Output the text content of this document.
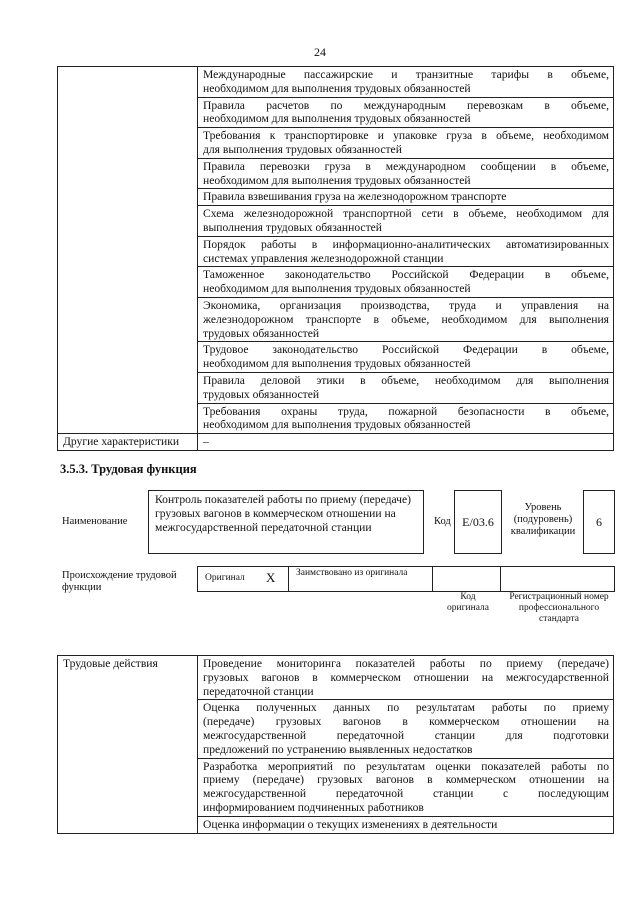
24

	Международные пассажирские и транзитные тарифы в объеме,
необходимом для выполнения трудовых обязанностей

	Правила расчетов по международным перевозкам в объеме,
необходимом для выполнения трудовых обязанностей

	Требования к транспортировке и упаковке груза в объеме, необходимом
для выполнения трудовых обязанностей

	Правила перевозки груза в международном сообщении в объеме,
необходимом для выполнения трудовых обязанностей

	Правила взвешивания груза на железнодорожном транспорте

	Схема железнодорожной транспортной сети в объеме, необходимом для
выполнения трудовых обязанностей

	Порядок работы в информационно-аналитических автоматизированных
системах управления железнодорожной станции

	Таможенное законодательство Российской Федерации в объеме,
необходимом для выполнения трудовых обязанностей

	Экономика, организация производства, труда и управления на
железнодорожном транспорте в объеме, необходимом для выполнения
трудовых обязанностей

	Трудовое законодательство Российской Федерации в объеме,
необходимом для выполнения трудовых обязанностей

	Правила деловой этики в объеме, необходимом для выполнения
трудовых обязанностей

	Требования охраны труда, пожарной безопасности в объеме,
необходимом для выполнения трудовых обязанностей

Другие характеристики	–
3.5.3. Трудовая функция
Наименование
Контроль показателей работы по приему (передаче) грузовых вагонов в коммерческом отношении на межгосударственной передаточной станции	Код E/03.6
Уровень (подуровень) квалификации
6
Происхождение трудовой функции
Оригинал X Заимствовано из оригинала
Код оригинала
Регистрационный номер профессионального стандарта
Трудовые действия	Проведение мониторинга показателей работы по приему (передаче)
грузовых вагонов в коммерческом отношении на межгосударственной
передаточной станции

Оценка полученных данных по результатам работы по приему
(передаче) грузовых вагонов в коммерческом отношении на
межгосударственной передаточной станции для подготовки
предложений по устранению выявленных недостатков

Разработка мероприятий по результатам оценки показателей работы по
приему (передаче) грузовых вагонов в коммерческом отношении на
межгосударственной передаточной станции с последующим
информированием подчиненных работников

Оценка информации о текущих изменениях в деятельности
